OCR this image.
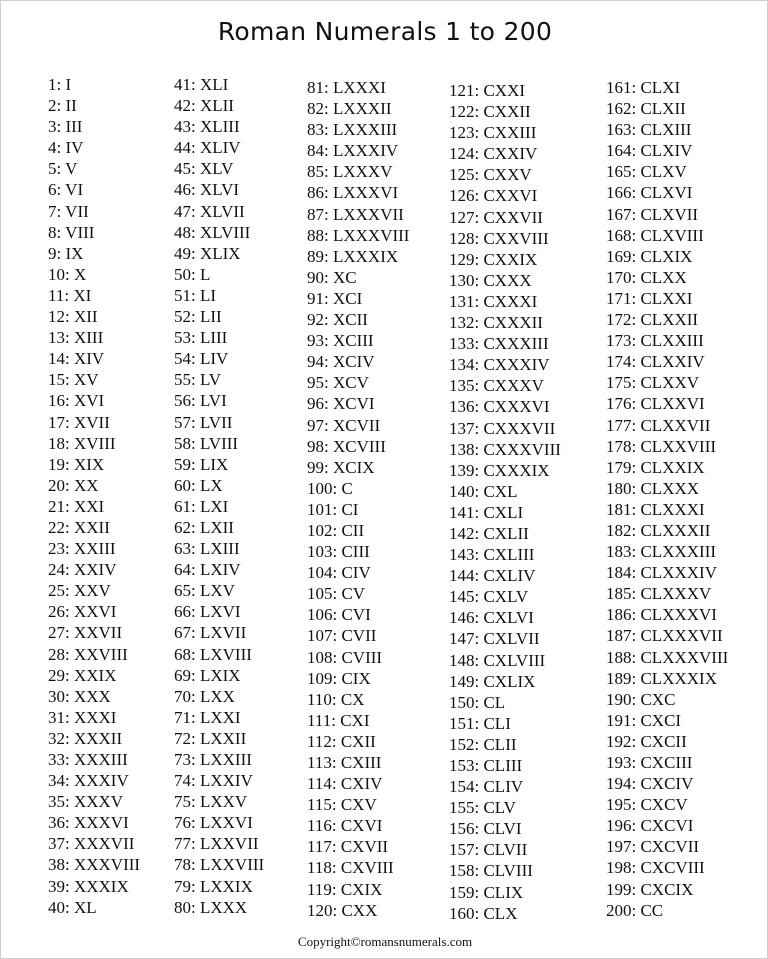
Roman Numerals 1 to 200
1: I
2: II
3: III
4: IV
5: V
6: VI
7: VII
8: VIII
9: IX
10: X
11: XI
12: XII
13: XIII
14: XIV
15: XV
16: XVI
17: XVII
18: XVIII
19: XIX
20: XX
21: XXI
22: XXII
23: XXIII
24: XXIV
25: XXV
26: XXVI
27: XXVII
28: XXVIII
29: XXIX
30: XXX
31: XXXI
32: XXXII
33: XXXIII
34: XXXIV
35: XXXV
36: XXXVI
37: XXXVII
38: XXXVIII
39: XXXIX
40: XL
41: XLI
42: XLII
43: XLIII
44: XLIV
45: XLV
46: XLVI
47: XLVII
48: XLVIII
49: XLIX
50: L
51: LI
52: LII
53: LIII
54: LIV
55: LV
56: LVI
57: LVII
58: LVIII
59: LIX
60: LX
61: LXI
62: LXII
63: LXIII
64: LXIV
65: LXV
66: LXVI
67: LXVII
68: LXVIII
69: LXIX
70: LXX
71: LXXI
72: LXXII
73: LXXIII
74: LXXIV
75: LXXV
76: LXXVI
77: LXXVII
78: LXXVIII
79: LXXIX
80: LXXX
81: LXXXI
82: LXXXII
83: LXXXIII
84: LXXXIV
85: LXXXV
86: LXXXVI
87: LXXXVII
88: LXXXVIII
89: LXXXIX
90: XC
91: XCI
92: XCII
93: XCIII
94: XCIV
95: XCV
96: XCVI
97: XCVII
98: XCVIII
99: XCIX
100: C
101: CI
102: CII
103: CIII
104: CIV
105: CV
106: CVI
107: CVII
108: CVIII
109: CIX
110: CX
111: CXI
112: CXII
113: CXIII
114: CXIV
115: CXV
116: CXVI
117: CXVII
118: CXVIII
119: CXIX
120: CXX
121: CXXI
122: CXXII
123: CXXIII
124: CXXIV
125: CXXV
126: CXXVI
127: CXXVII
128: CXXVIII
129: CXXIX
130: CXXX
131: CXXXI
132: CXXXII
133: CXXXIII
134: CXXXIV
135: CXXXV
136: CXXXVI
137: CXXXVII
138: CXXXVIII
139: CXXXIX
140: CXL
141: CXLI
142: CXLII
143: CXLIII
144: CXLIV
145: CXLV
146: CXLVI
147: CXLVII
148: CXLVIII
149: CXLIX
150: CL
151: CLI
152: CLII
153: CLIII
154: CLIV
155: CLV
156: CLVI
157: CLVII
158: CLVIII
159: CLIX
160: CLX
161: CLXI
162: CLXII
163: CLXIII
164: CLXIV
165: CLXV
166: CLXVI
167: CLXVII
168: CLXVIII
169: CLXIX
170: CLXX
171: CLXXI
172: CLXXII
173: CLXXIII
174: CLXXIV
175: CLXXV
176: CLXXVI
177: CLXXVII
178: CLXXVIII
179: CLXXIX
180: CLXXX
181: CLXXXI
182: CLXXXII
183: CLXXXIII
184: CLXXXIV
185: CLXXXV
186: CLXXXVI
187: CLXXXVII
188: CLXXXVIII
189: CLXXXIX
190: CXC
191: CXCI
192: CXCII
193: CXCIII
194: CXCIV
195: CXCV
196: CXCVI
197: CXCVII
198: CXCVIII
199: CXCIX
200: CC
Copyright©romansnumerals.com
